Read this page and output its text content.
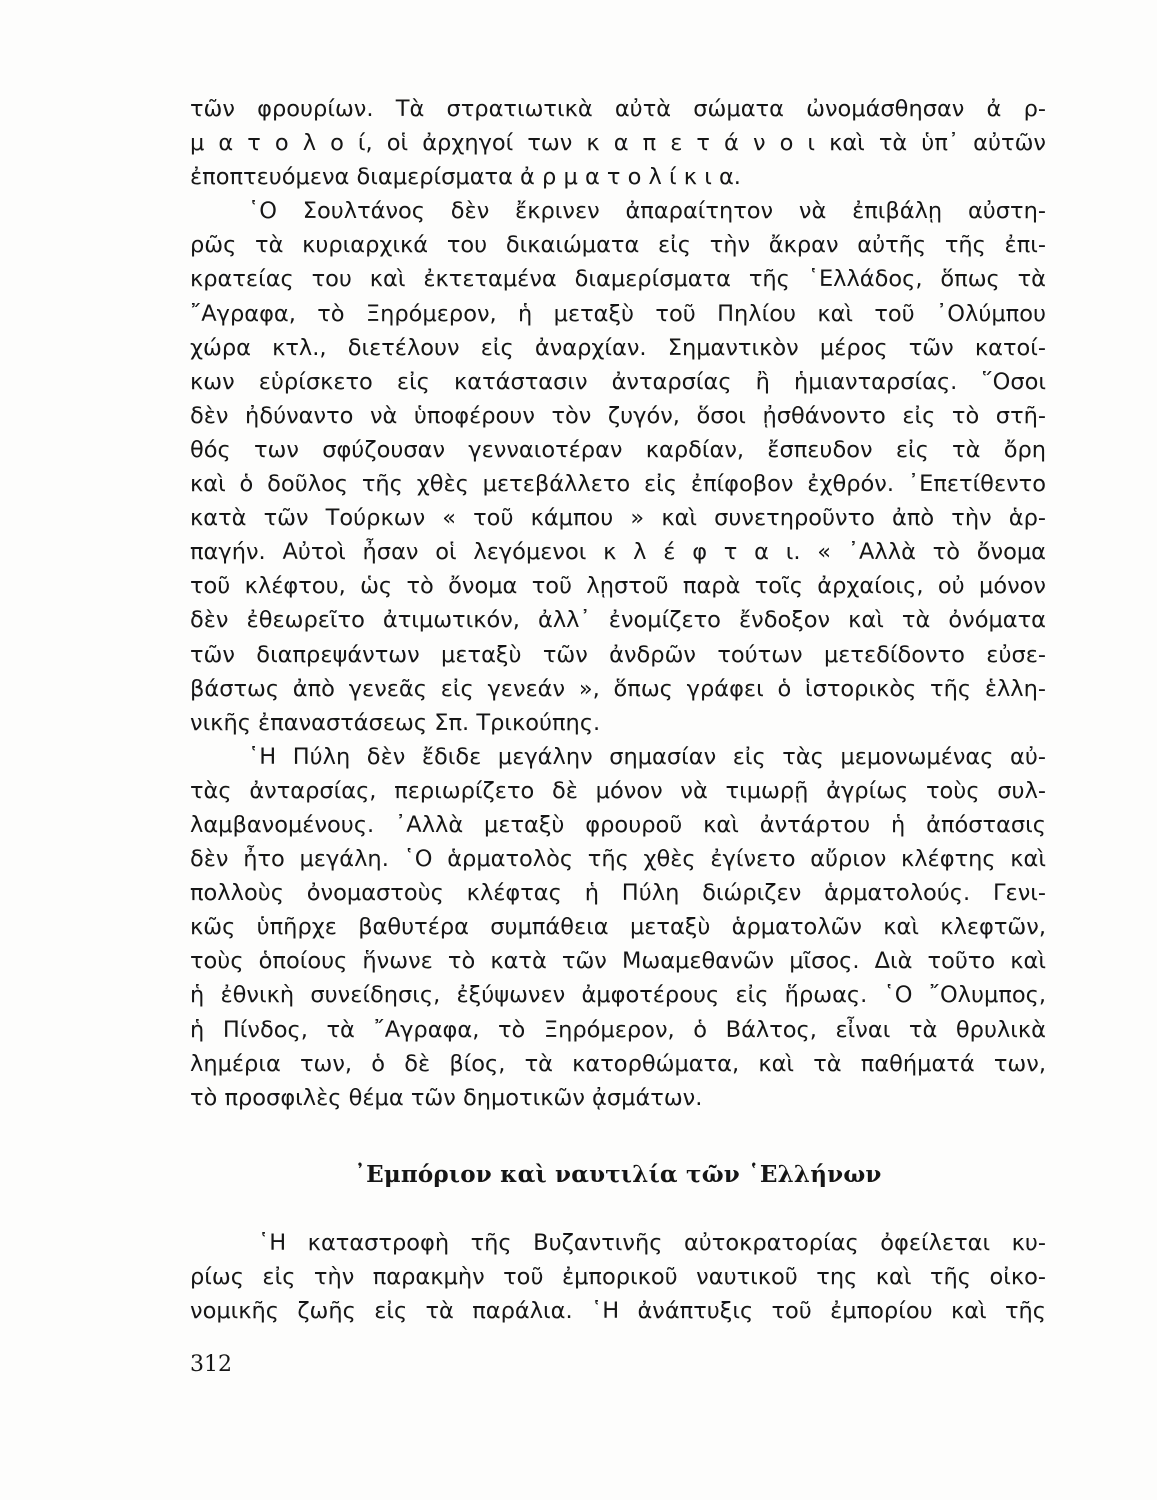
τῶν φρουρίων. Τὰ στρατιωτικὰ αὐτὰ σώματα ὠνομάσθησαν ἀ ρ-
μ α τ ο λ ο ί, οἱ ἀρχηγοί των κ α π ε τ ά ν ο ι καὶ τὰ ὑπ᾽ αὐτῶν
ἐποπτευόμενα διαμερίσματα ἀ ρ μ α τ ο λ ί κ ι α.
῾Ο Σουλτάνος δὲν ἔκρινεν ἀπαραίτητον νὰ ἐπιβάλῃ αὐστη-
ρῶς τὰ κυριαρχικά του δικαιώματα εἰς τὴν ἄκραν αὐτῆς τῆς ἐπι-
κρατείας του καὶ ἐκτεταμένα διαμερίσματα τῆς ῾Ελλάδος, ὅπως τὰ
῎Αγραφα, τὸ Ξηρόμερον, ἡ μεταξὺ τοῦ Πηλίου καὶ τοῦ ᾽Ολύμπου
χώρα κτλ., διετέλουν εἰς ἀναρχίαν. Σημαντικὸν μέρος τῶν κατοί-
κων εὑρίσκετο εἰς κατάστασιν ἀνταρσίας ἢ ἡμιανταρσίας. ῞Οσοι
δὲν ἠδύναντο νὰ ὑποφέρουν τὸν ζυγόν, ὅσοι ᾐσθάνοντο εἰς τὸ στῆ-
θός των σφύζουσαν γενναιοτέραν καρδίαν, ἔσπευδον εἰς τὰ ὄρη
καὶ ὁ δοῦλος τῆς χθὲς μετεβάλλετο εἰς ἐπίφοβον ἐχθρόν. ᾽Επετίθεντο
κατὰ τῶν Τούρκων « τοῦ κάμπου » καὶ συνετηροῦντο ἀπὸ τὴν ἁρ-
παγήν. Αὐτοὶ ἦσαν οἱ λεγόμενοι κ λ έ φ τ α ι. « ᾽Αλλὰ τὸ ὄνομα
τοῦ κλέφτου, ὡς τὸ ὄνομα τοῦ λῃστοῦ παρὰ τοῖς ἀρχαίοις, οὐ μόνον
δὲν ἐθεωρεῖτο ἀτιμωτικόν, ἀλλ᾽ ἐνομίζετο ἔνδοξον καὶ τὰ ὀνόματα
τῶν διαπρεψάντων μεταξὺ τῶν ἀνδρῶν τούτων μετεδίδοντο εὐσε-
βάστως ἀπὸ γενεᾶς εἰς γενεάν », ὅπως γράφει ὁ ἱστορικὸς τῆς ἑλλη-
νικῆς ἐπαναστάσεως Σπ. Τρικούπης.
῾Η Πύλη δὲν ἔδιδε μεγάλην σημασίαν εἰς τὰς μεμονωμένας αὐ-
τὰς ἀνταρσίας, περιωρίζετο δὲ μόνον νὰ τιμωρῇ ἀγρίως τοὺς συλ-
λαμβανομένους. ᾽Αλλὰ μεταξὺ φρουροῦ καὶ ἀντάρτου ἡ ἀπόστασις
δὲν ἦτο μεγάλη. ῾Ο ἁρματολὸς τῆς χθὲς ἐγίνετο αὔριον κλέφτης καὶ
πολλοὺς ὀνομαστοὺς κλέφτας ἡ Πύλη διώριζεν ἁρματολούς. Γενι-
κῶς ὑπῆρχε βαθυτέρα συμπάθεια μεταξὺ ἁρματολῶν καὶ κλεφτῶν,
τοὺς ὁποίους ἥνωνε τὸ κατὰ τῶν Μωαμεθανῶν μῖσος. Διὰ τοῦτο καὶ
ἡ ἐθνικὴ συνείδησις, ἐξύψωνεν ἀμφοτέρους εἰς ἥρωας. ῾Ο ῎Ολυμπος,
ἡ Πίνδος, τὰ ῎Αγραφα, τὸ Ξηρόμερον, ὁ Βάλτος, εἶναι τὰ θρυλικὰ
λημέρια των, ὁ δὲ βίος, τὰ κατορθώματα, καὶ τὰ παθήματά των,
τὸ προσφιλὲς θέμα τῶν δημοτικῶν ᾀσμάτων.
᾽Εμπόριον καὶ ναυτιλία τῶν ῾Ελλήνων
῾Η καταστροφὴ τῆς Βυζαντινῆς αὐτοκρατορίας ὀφείλεται κυ-
ρίως εἰς τὴν παρακμὴν τοῦ ἐμπορικοῦ ναυτικοῦ της καὶ τῆς οἰκο-
νομικῆς ζωῆς εἰς τὰ παράλια. ῾Η ἀνάπτυξις τοῦ ἐμπορίου καὶ τῆς
312
